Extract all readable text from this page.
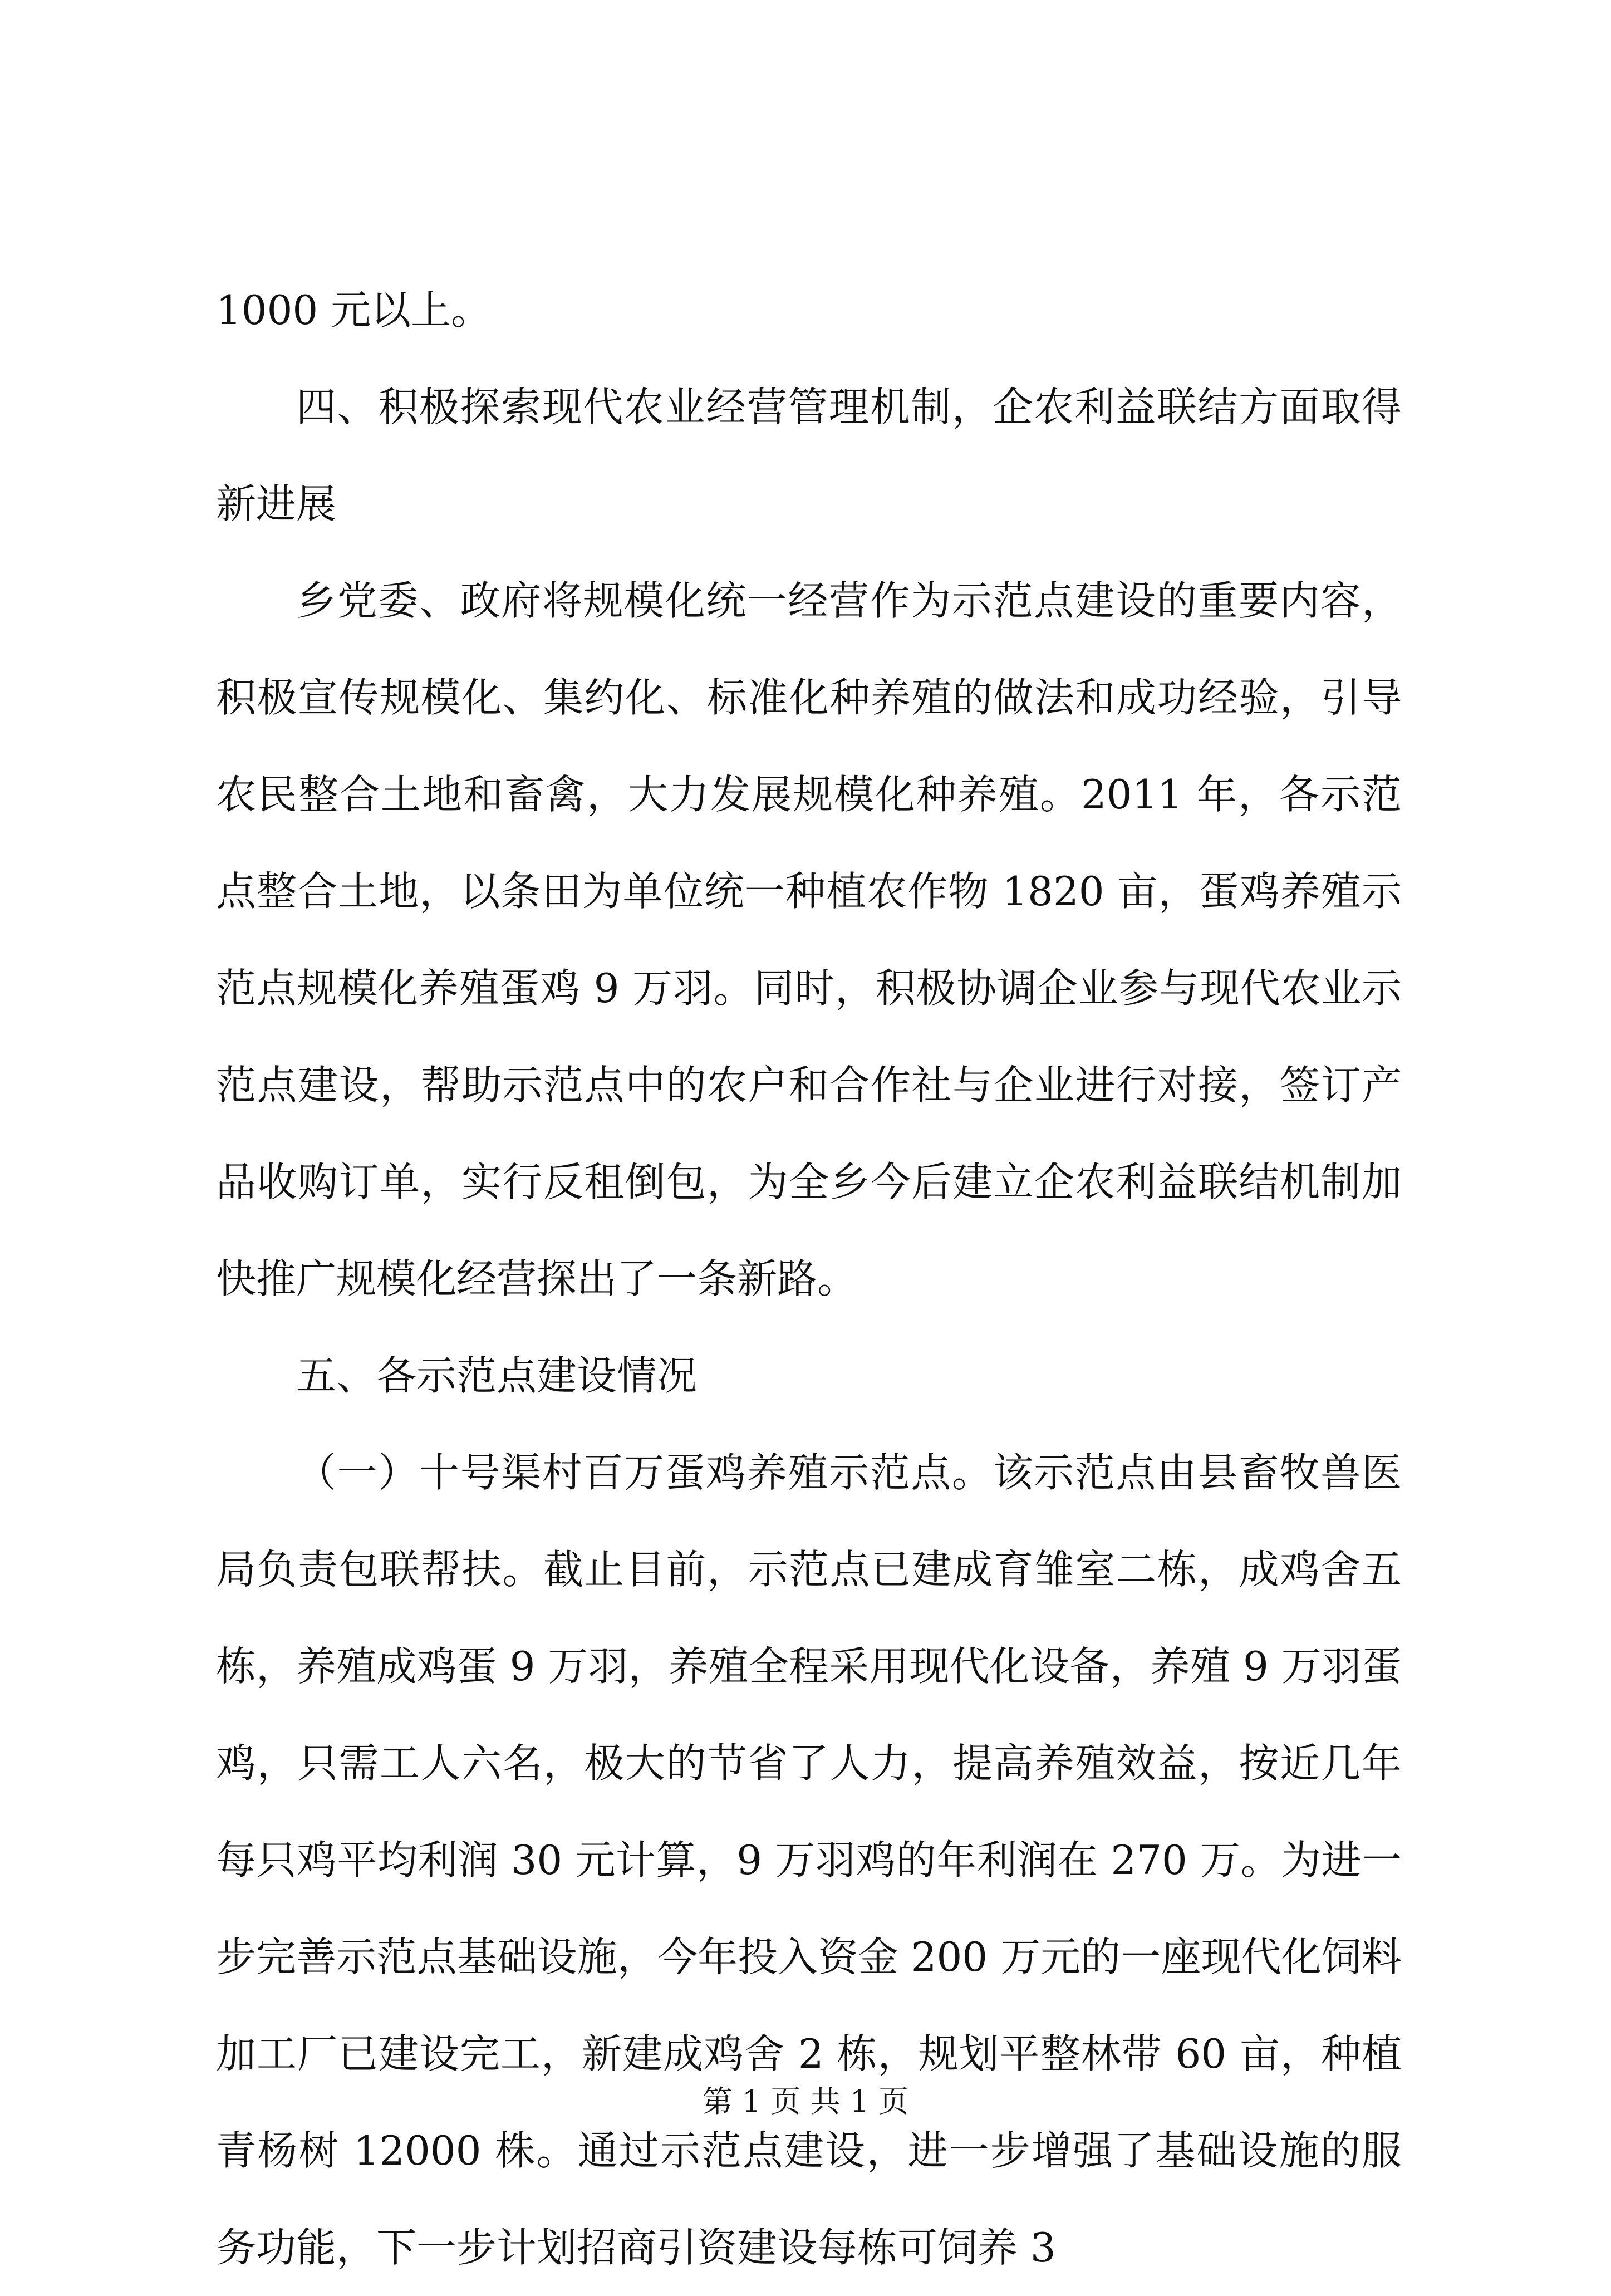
1000 元以上。

四、积极探索现代农业经营管理机制，企农利益联结方面取得新进展

乡党委、政府将规模化统一经营作为示范点建设的重要内容，积极宣传规模化、集约化、标准化种养殖的做法和成功经验，引导农民整合土地和畜禽，大力发展规模化种养殖。2011 年，各示范点整合土地，以条田为单位统一种植农作物 1820 亩，蛋鸡养殖示范点规模化养殖蛋鸡 9 万羽。同时，积极协调企业参与现代农业示范点建设，帮助示范点中的农户和合作社与企业进行对接，签订产品收购订单，实行反租倒包，为全乡今后建立企农利益联结机制加快推广规模化经营探出了一条新路。

五、各示范点建设情况

（一）十号渠村百万蛋鸡养殖示范点。该示范点由县畜牧兽医局负责包联帮扶。截止目前，示范点已建成育雏室二栋，成鸡舍五栋，养殖成鸡蛋 9 万羽，养殖全程采用现代化设备，养殖 9 万羽蛋鸡，只需工人六名，极大的节省了人力，提高养殖效益，按近几年每只鸡平均利润 30 元计算，9 万羽鸡的年利润在 270 万。为进一步完善示范点基础设施，今年投入资金 200 万元的一座现代化饲料加工厂已建设完工，新建成鸡舍 2 栋，规划平整林带 60 亩，种植青杨树 12000 株。通过示范点建设，进一步增强了基础设施的服务功能，下一步计划招商引资建设每栋可饲养 3

第 1 页 共 1 页
